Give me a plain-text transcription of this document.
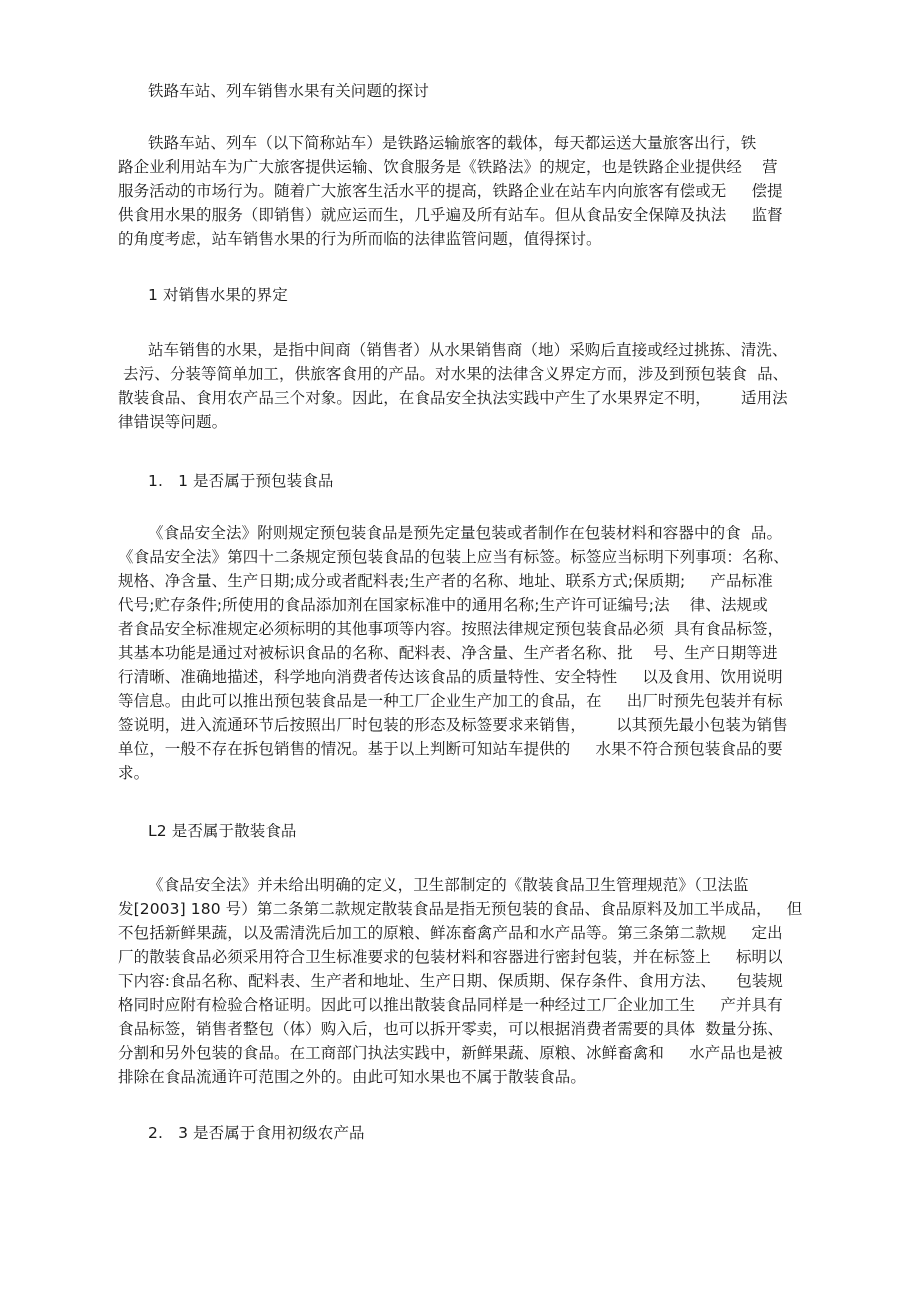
铁路车站、列车销售水果有关问题的探讨
铁路车站、列车（以下简称站车）是铁路运输旅客的载体，每天都运送大量旅客出行，铁
路企业利用站车为广大旅客提供运输、饮食服务是《铁路法》的规定，也是铁路企业提供经    营
服务活动的市场行为。随着广大旅客生活水平的提高，铁路企业在站车内向旅客有偿或无     偿提
供食用水果的服务（即销售）就应运而生，几乎遍及所有站车。但从食品安全保障及执法     监督
的角度考虑，站车销售水果的行为所而临的法律监管问题，值得探讨。
1 对销售水果的界定
站车销售的水果，是指中间商（销售者）从水果销售商（地）采购后直接或经过挑拣、清洗、
去污、分装等简单加工，供旅客食用的产品。对水果的法律含义界定方而，涉及到预包装食  品、
散装食品、食用农产品三个对象。因此，在食品安全执法实践中产生了水果界定不明，      适用法
律错误等问题。
1.   1 是否属于预包装食品
《食品安全法》附则规定预包装食品是预先定量包装或者制作在包装材料和容器中的食  品。
《食品安全法》第四十二条规定预包装食品的包装上应当有标签。标签应当标明下列事项：名称、
规格、净含量、生产日期;成分或者配料表;生产者的名称、地址、联系方式;保质期;     产品标准
代号;贮存条件;所使用的食品添加剂在国家标准中的通用名称;生产许可证编号;法    律、法规或
者食品安全标准规定必须标明的其他事项等内容。按照法律规定预包装食品必须  具有食品标签，
其基本功能是通过对被标识食品的名称、配料表、净含量、生产者名称、批    号、生产日期等进
行清晰、准确地描述，科学地向消费者传达该食品的质量特性、安全特性     以及食用、饮用说明
等信息。由此可以推出预包装食品是一种工厂企业生产加工的食品，在     出厂时预先包装并有标
签说明，进入流通环节后按照出厂时包装的形态及标签要求来销售，      以其预先最小包装为销售
单位，一般不存在拆包销售的情况。基于以上判断可知站车提供的     水果不符合预包装食品的要
求。
L2 是否属于散装食品
《食品安全法》并未给出明确的定义，卫生部制定的《散装食品卫生管理规范》（卫法监
发[2003] 180 号）第二条第二款规定散装食品是指无预包装的食品、食品原料及加工半成品，   但
不包括新鲜果蔬，以及需清洗后加工的原粮、鲜冻畜禽产品和水产品等。第三条第二款规     定出
厂的散装食品必须采用符合卫生标准要求的包装材料和容器进行密封包装，并在标签上     标明以
下内容:食品名称、配料表、生产者和地址、生产日期、保质期、保存条件、食用方法、    包装规
格同时应附有检验合格证明。因此可以推出散装食品同样是一种经过工厂企业加工生     产并具有
食品标签，销售者整包（体）购入后，也可以拆开零卖，可以根据消费者需要的具体  数量分拣、
分割和另外包装的食品。在工商部门执法实践中，新鲜果蔬、原粮、冰鲜畜禽和     水产品也是被
排除在食品流通许可范围之外的。由此可知水果也不属于散装食品。
2.   3 是否属于食用初级农产品
